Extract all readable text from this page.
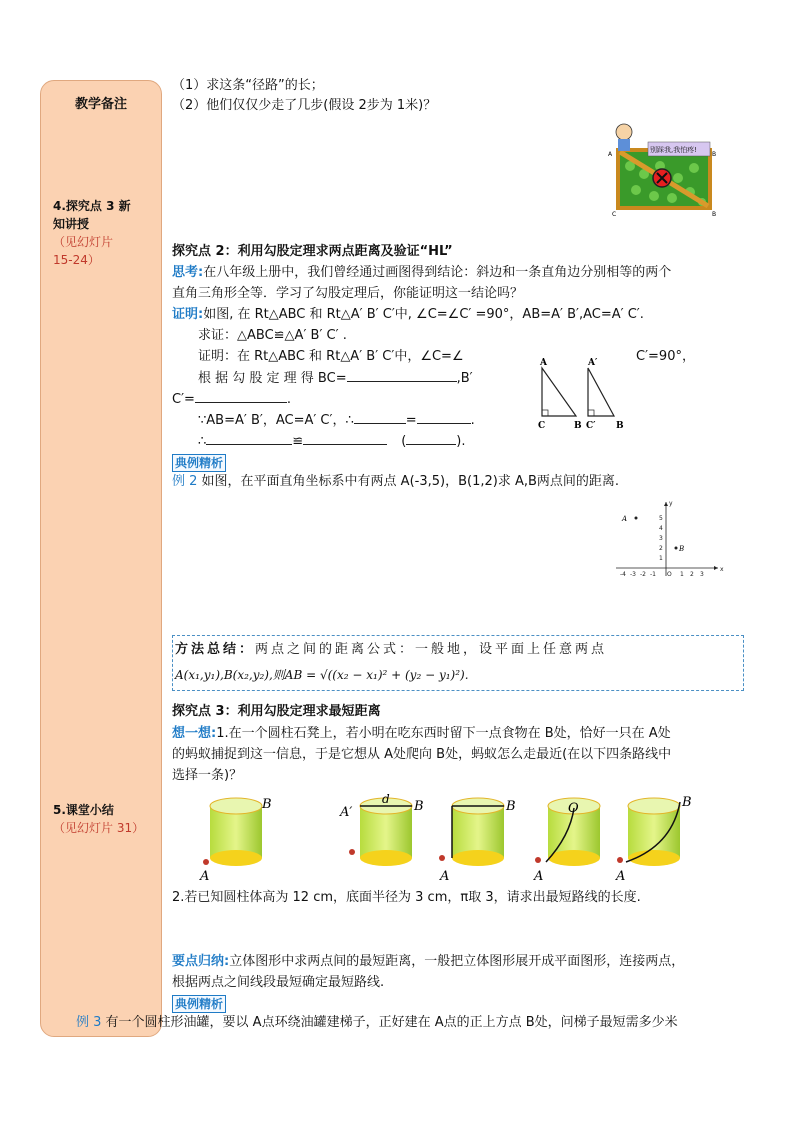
教学备注
4.探究点 3 新
知讲授
（见幻灯片
15-24）
5.课堂小结
（见幻灯片 31）
（1）求这条“径路”的长；
（2）他们仅仅少走了几步(假设 2步为 1米)？
别踩我,我怕疼!
A	B
C	B
探究点 2：利用勾股定理求两点距离及验证“HL”
思考:在八年级上册中，我们曾经通过画图得到结论：斜边和一条直角边分别相等的两个
直角三角形全等．学习了勾股定理后，你能证明这一结论吗？
证明:如图, 在 Rt△ABC 和 Rt△A′ B′ C′中, ∠C=∠C′ =90°，AB=A′ B′,AC=A′ C′.
求证：△ABC≌△A′ B′ C′ .
证明：在 Rt△ABC 和 Rt△A′ B′ C′中，∠C=∠	C′=90°，
根 据 勾 股 定 理 得 BC=	,B′
C′=	.
∵AB=A′ B′，AC=A′ C′，∴	=	.
∴	≌	(	).
A
C	B
A′
C′ B
典例精析
例 2 如图，在平面直角坐标系中有两点 A(-3,5)，B(1,2)求 A,B两点间的距离.
x
y
O
-4 -3 -2 -1	1 2 3
5
4
3
2
1
A
B
方法总结：两点之间的距离公式：一般地，设平面上任意两点
A(x₁,y₁),B(x₂,y₂),则AB = √((x₂ − x₁)² + (y₂ − y₁)²).
探究点 3：利用勾股定理求最短距离
想一想:1.在一个圆柱石凳上，若小明在吃东西时留下一点食物在 B处，恰好一只在 A处
的蚂蚁捕捉到这一信息，于是它想从 A处爬向 B处，蚂蚁怎么走最近(在以下四条路线中
选择一条)？
A
B
A′
d B
A
B
A
O
A
B
2.若已知圆柱体高为 12 cm，底面半径为 3 cm，π取 3，请求出最短路线的长度.
要点归纳:立体图形中求两点间的最短距离，一般把立体图形展开成平面图形，连接两点，
根据两点之间线段最短确定最短路线.
典例精析
例 3 有一个圆柱形油罐，要以 A点环绕油罐建梯子，正好建在 A点的正上方点 B处，问梯子最短需多少米
